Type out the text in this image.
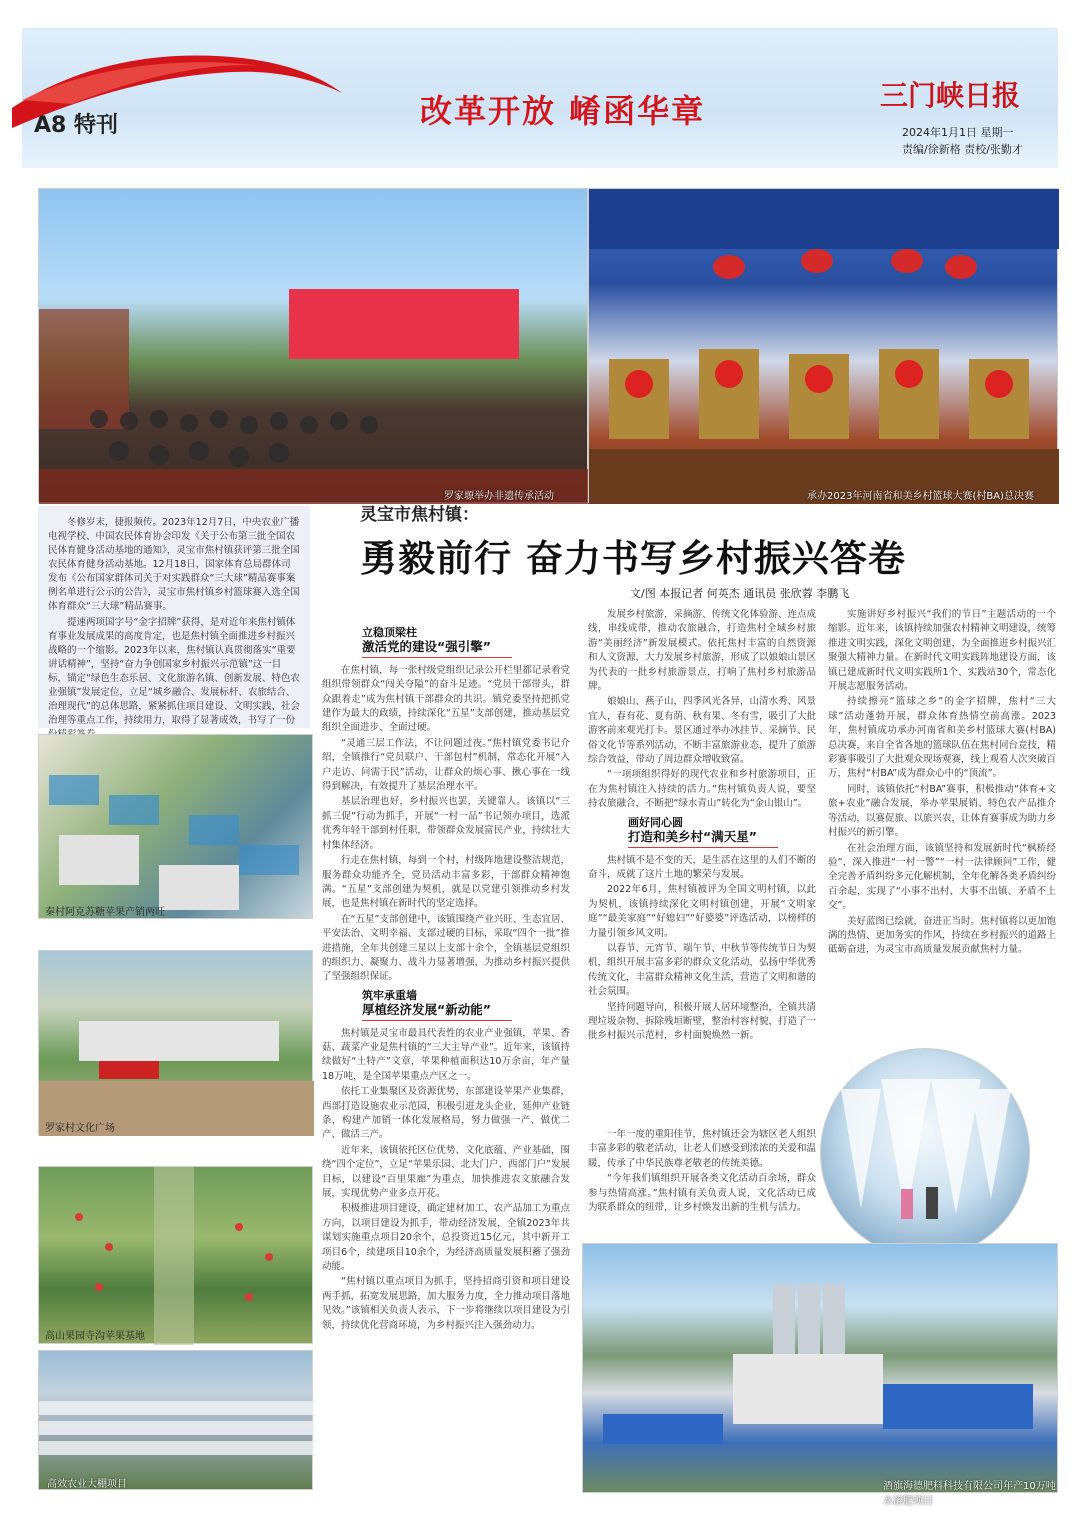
A8 特刊	改革开放 崤函华章	三门峡日报
2024年1月1日 星期一
责编/徐新格 责校/张勤才
罗家塬举办非遗传承活动	承办2023年河南省和美乡村篮球大赛(村BA)总决赛

冬修岁末，捷报频传。2023年12月7日，中央农业广播电视学校、中国农民体育协会印发《关于公布第三批全国农民体育健身活动基地的通知》，灵宝市焦村镇获评第三批全国农民体育健身活动基地。12月18日，国家体育总局群体司发布《公布国家群体司关于对实践群众“三大球”精品赛事案例名单进行公示的公告》，灵宝市焦村镇乡村篮球赛入选全国体育群众“三大球”精品赛事。

提速两项国字号“金字招牌”获得，是对近年来焦村镇体育事业发展成果的高度肯定，也是焦村镇全面推进乡村振兴战略的一个缩影。2023年以来，焦村镇认真贯彻落实“重要讲话精神”，坚持“奋力争创国家乡村振兴示范镇”这一目标，锚定“绿色生态乐居、文化旅游名镇、创新发展、特色农业强镇”发展定位，立足“城乡融合、发展标杆、农旅结合、治理现代”的总体思路，紧紧抓住项目建设、文明实践、社会治理等重点工作，持续用力，取得了显著成效，书写了一份

灵宝市焦村镇：
勇毅前行 奋力书写乡村振兴答卷
文/图 本报记者 何英杰 通讯员 张欣蓉 李鹏飞
秦村阿克苏糖苹果产销两旺
罗家村文化广场
高山果园寺沟苹果基地
高效农业大棚项目	酒旗海德肥料科技有限公司年产10万吨水溶肥项目
立稳顶梁柱
激活党的建设“强引擎”

在焦村镇，每一张村级党组织记录公开栏里都记录着党组织带领群众“闯关夺隘”的奋斗足迹。“党员干部带头，群众跟着走”成为焦村镇干部群众的共识。镇党委坚持把抓党建作为最大的政绩，持续深化“五星”支部创建，推动基层党组织全面进步、全面过硬。

“灵通三层工作法，不让问题过夜。”焦村镇党委书记介绍，全镇推行“党员联户、干部包村”机制，常态化开展“入户走访、问需于民”活动，让群众的烦心事、揪心事在一线得到解决，有效提升了基层治理水平。

基层治理也好，乡村振兴也罢，关键靠人。该镇以“三抓三促”行动为抓手，开展“一村一品”书记领办项目，选派优秀年轻干部到村任职，带领群众发展富民产业，持续壮大村集体经济。

行走在焦村镇，每到一个村，村级阵地建设整洁规范，服务群众功能齐全，党员活动丰富多彩，干部群众精神饱满。“五星”支部创建为契机，就是以党建引领推动乡村发展，也是焦村镇在新时代的坚定选择。

在“五星”支部创建中，该镇围绕产业兴旺、生态宜居、平安法治、文明幸福、支部过硬的目标，采取“四个一批”推进措施，全年共创建三星以上支部十余个，全镇基层党组织的组织力、凝聚力、战斗力显著增强，为推动乡村振兴提供了坚强组织保证。

筑牢承重墙
厚植经济发展“新动能”

焦村镇是灵宝市最具代表性的农业产业强镇，苹果、香菇、蔬菜产业是焦村镇的“三大主导产业”。近年来，该镇持续做好“土特产”文章，苹果种植面积达10万余亩，年产量18万吨，是全国苹果重点产区之一。

依托工业集聚区及资源优势，东部建设苹果产业集群，西部打造设施农业示范园，积极引进龙头企业，延伸产业链条，构建产加销一体化发展格局，努力做强一产、做优二产、做活三产。

近年来，该镇依托区位优势、文化底蕴、产业基础，围绕“四个定位”，立足“苹果乐园、北大门户、西部门户”发展目标，以建设“百里果廊”为重点，加快推进农文旅融合发展，实现优势产业多点开花。

积极推进项目建设，确定建材加工、农产品加工为重点方向，以项目建设为抓手，带动经济发展，全镇2023年共谋划实施重点项目20余个，总投资近15亿元，其中新开工项目6个，续建项目10余个，为经济高质量发展积蓄了强劲动能。

“焦村镇以重点项目为抓手，坚持招商引资和项目建设两手抓，拓宽发展思路，加大服务力度，全力推动项目落地见效。”该镇相关负责人表示，下一步将继续以项目建设为引领，持续优化营商环境，为乡村振兴注入强劲动力。

发展乡村旅游，采摘游、传统文化体验游、连点成线，串线成带，推动农旅融合，打造焦村全域乡村旅游“美丽经济”新发展模式。依托焦村丰富的自然资源和人文资源，大力发展乡村旅游，形成了以娘娘山景区为代表的一批乡村旅游景点，打响了焦村乡村旅游品牌。

娘娘山、燕子山，四季风光各异，山清水秀、风景宜人，春有花、夏有荫、秋有果、冬有雪，吸引了大批游客前来观光打卡。景区通过举办冰挂节、采摘节、民俗文化节等系列活动，不断丰富旅游业态，提升了旅游综合效益，带动了周边群众增收致富。

“一项项组织得好的现代农业和乡村旅游项目，正在为焦村镇注入持续的活力。”焦村镇负责人说，要坚持农旅融合，不断把“绿水青山”转化为“金山银山”。

画好同心圆
打造和美乡村“满天星”

焦村镇不是不变的天，是生活在这里的人们不断的奋斗，成就了这片土地的繁荣与发展。

2022年6月，焦村镇被评为全国文明村镇，以此为契机，该镇持续深化文明村镇创建，开展“文明家庭”“最美家庭”“好媳妇”“好婆婆”评选活动，以榜样的力量引领乡风文明。

以春节、元宵节、端午节、中秋节等传统节日为契机，组织开展丰富多彩的群众文化活动，弘扬中华优秀传统文化，丰富群众精神文化生活，营造了文明和谐的社会氛围。

坚持问题导向，积极开展人居环境整治，全镇共清理垃圾杂物、拆除残垣断壁，整治村容村貌，打造了一批乡村振兴示范村，乡村面貌焕然一新。

一年一度的重阳佳节，焦村镇还会为辖区老人组织丰富多彩的敬老活动，让老人们感受到浓浓的关爱和温暖，传承了中华民族尊老敬老的传统美德。

“今年我们镇组织开展各类文化活动百余场，群众参与热情高涨。”焦村镇有关负责人说，文化活动已成为联系群众的纽带，让乡村焕发出新的生机与活力。

实施讲好乡村振兴“我们的节日”主题活动的一个缩影。近年来，该镇持续加强农村精神文明建设，统筹推进文明实践，深化文明创建，为全面推进乡村振兴汇聚强大精神力量。在新时代文明实践阵地建设方面，该镇已建成新时代文明实践所1个、实践站30个，常态化开展志愿服务活动。

持续擦亮“篮球之乡”的金字招牌，焦村“三大球”活动蓬勃开展，群众体育热情空前高涨。2023年，焦村镇成功承办河南省和美乡村篮球大赛(村BA)总决赛，来自全省各地的篮球队伍在焦村同台竞技，精彩赛事吸引了大批观众现场观赛，线上观看人次突破百万，焦村“村BA”成为群众心中的“顶流”。

同时，该镇依托“村BA”赛事，积极推动“体育+文旅+农业”融合发展，举办苹果展销、特色农产品推介等活动，以赛促旅、以旅兴农，让体育赛事成为助力乡村振兴的新引擎。

在社会治理方面，该镇坚持和发展新时代“枫桥经验”，深入推进“一村一警”“一村一法律顾问”工作，健全完善矛盾纠纷多元化解机制，全年化解各类矛盾纠纷百余起，实现了“小事不出村、大事不出镇、矛盾不上交”。

美好蓝图已绘就，奋进正当时。焦村镇将以更加饱满的热情、更加务实的作风，持续在乡村振兴的道路上砥砺奋进，为灵宝市高质量发展贡献焦村力量。
